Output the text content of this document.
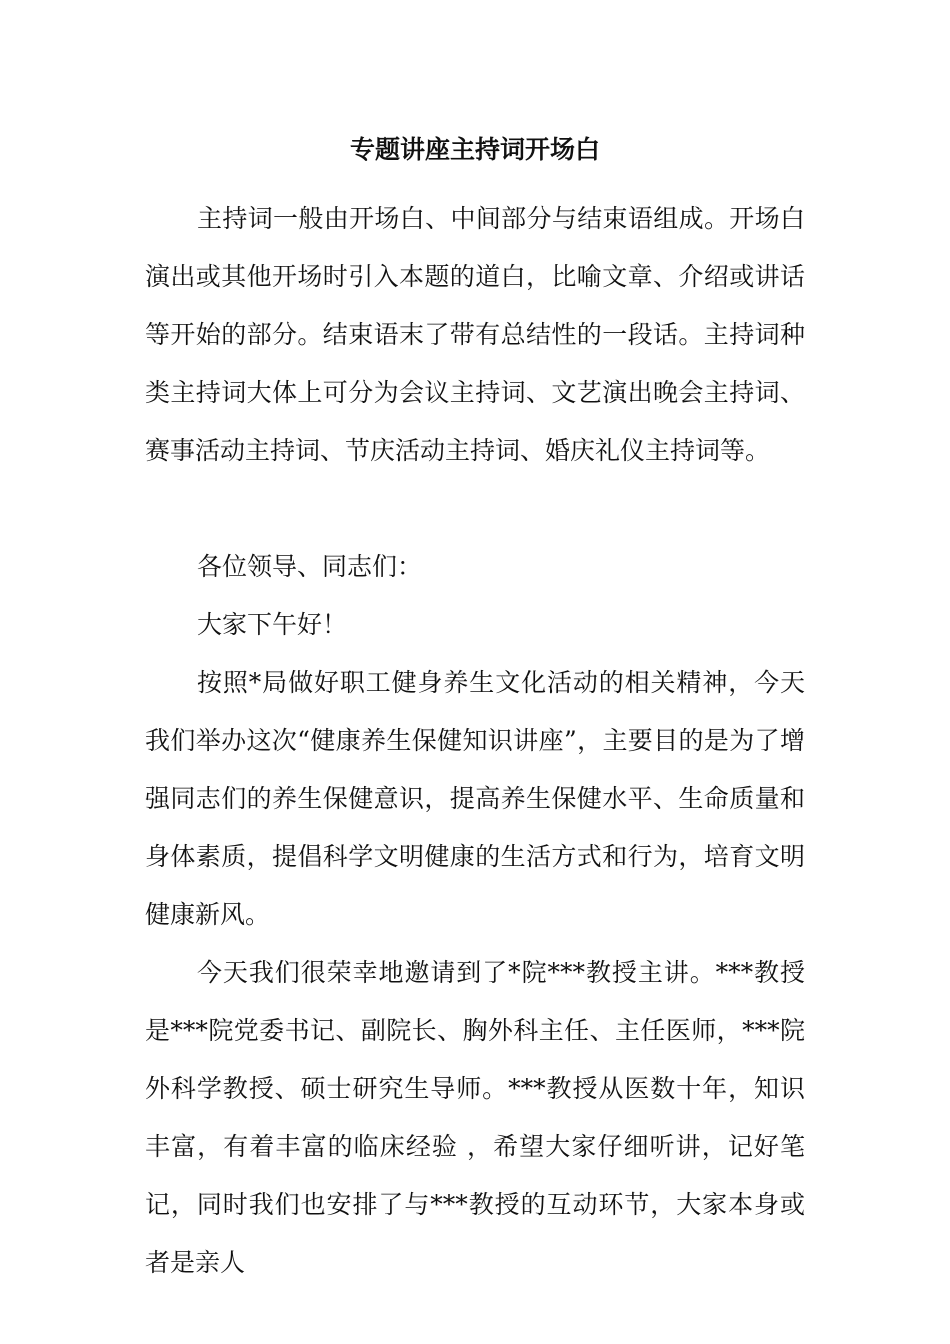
专题讲座主持词开场白

主持词一般由开场白、中间部分与结束语组成。开场白演出或其他开场时引入本题的道白，比喻文章、介绍或讲话等开始的部分。结束语末了带有总结性的一段话。主持词种类主持词大体上可分为会议主持词、文艺演出晚会主持词、赛事活动主持词、节庆活动主持词、婚庆礼仪主持词等。

各位领导、同志们：

大家下午好！

按照*局做好职工健身养生文化活动的相关精神，今天我们举办这次“健康养生保健知识讲座”，主要目的是为了增强同志们的养生保健意识，提高养生保健水平、生命质量和身体素质，提倡科学文明健康的生活方式和行为，培育文明健康新风。

今天我们很荣幸地邀请到了*院***教授主讲。***教授是***院党委书记、副院长、胸外科主任、主任医师，***院外科学教授、硕士研究生导师。***教授从医数十年，知识丰富，有着丰富的临床经验 ，希望大家仔细听讲，记好笔记，同时我们也安排了与***教授的互动环节，大家本身或者是亲人
